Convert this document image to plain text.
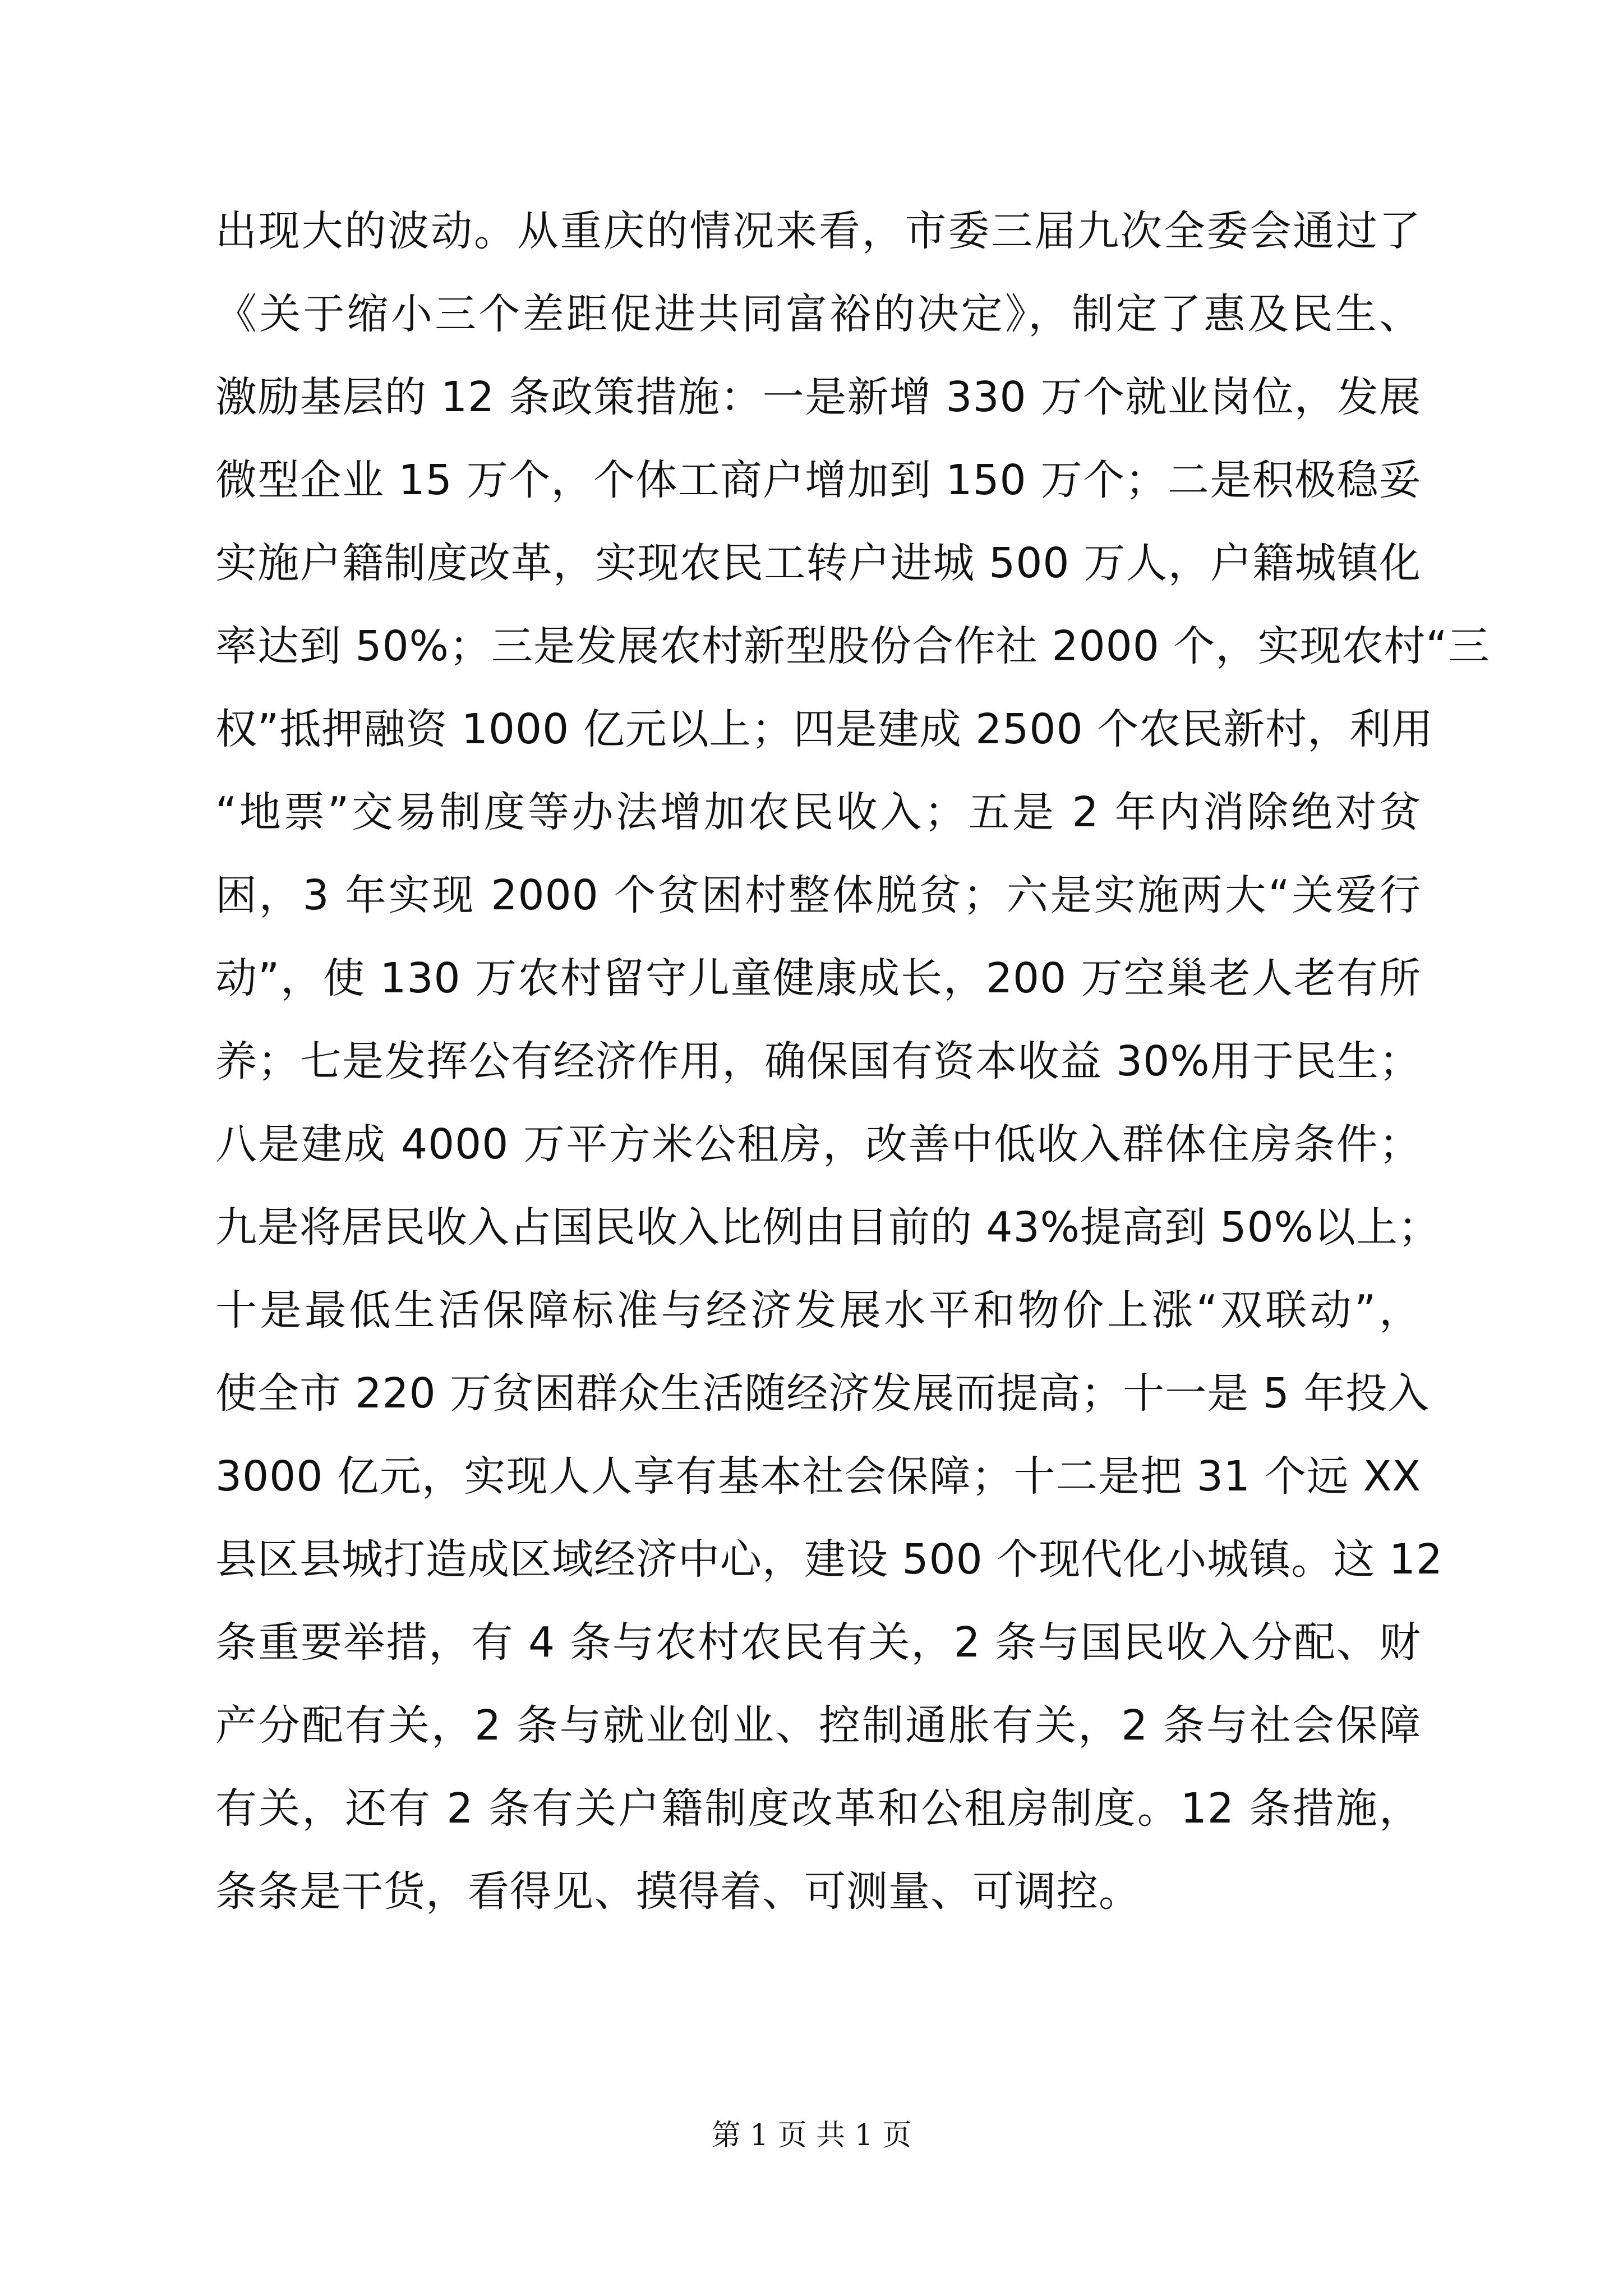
出现大的波动。从重庆的情况来看，市委三届九次全委会通过了
《关于缩小三个差距促进共同富裕的决定》，制定了惠及民生、
激励基层的 12 条政策措施：一是新增 330 万个就业岗位，发展
微型企业 15 万个，个体工商户增加到 150 万个；二是积极稳妥
实施户籍制度改革，实现农民工转户进城 500 万人，户籍城镇化
率达到 50%；三是发展农村新型股份合作社 2000 个，实现农村“三
权”抵押融资 1000 亿元以上；四是建成 2500 个农民新村，利用
“地票”交易制度等办法增加农民收入；五是 2 年内消除绝对贫
困，3 年实现 2000 个贫困村整体脱贫；六是实施两大“关爱行
动”，使 130 万农村留守儿童健康成长，200 万空巢老人老有所
养；七是发挥公有经济作用，确保国有资本收益 30%用于民生；
八是建成 4000 万平方米公租房，改善中低收入群体住房条件；
九是将居民收入占国民收入比例由目前的 43%提高到 50%以上；
十是最低生活保障标准与经济发展水平和物价上涨“双联动”，
使全市 220 万贫困群众生活随经济发展而提高；十一是 5 年投入
3000 亿元，实现人人享有基本社会保障；十二是把 31 个远 XX
县区县城打造成区域经济中心，建设 500 个现代化小城镇。这 12
条重要举措，有 4 条与农村农民有关，2 条与国民收入分配、财
产分配有关，2 条与就业创业、控制通胀有关，2 条与社会保障
有关，还有 2 条有关户籍制度改革和公租房制度。12 条措施，
条条是干货，看得见、摸得着、可测量、可调控。
第 1 页 共 1 页
